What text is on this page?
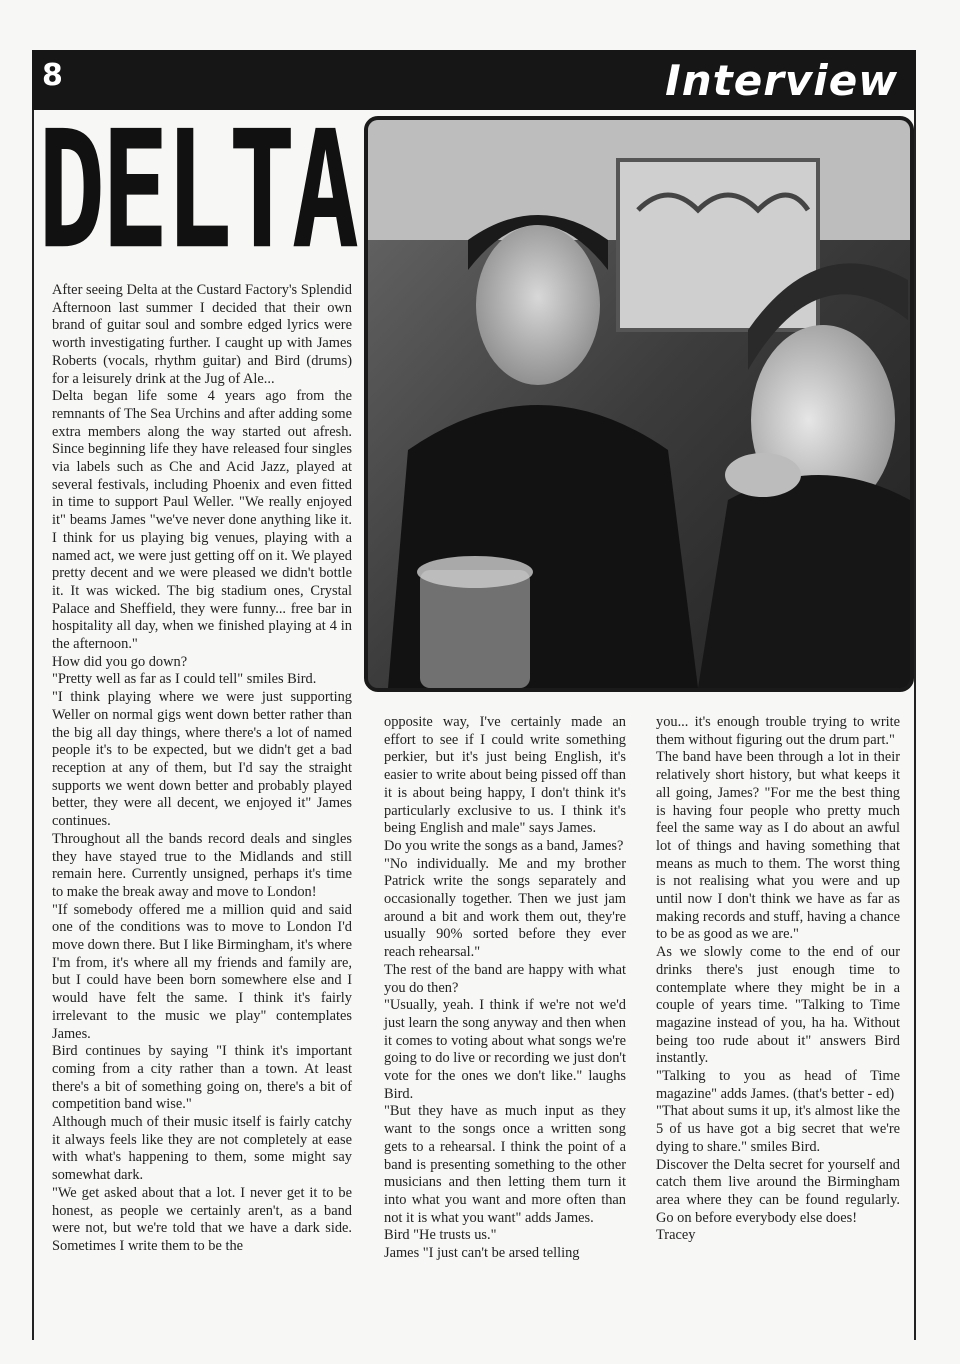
8	Interview
DELTA

After seeing Delta at the Custard Factory's Splendid Afternoon last summer I decided that their own brand of guitar soul and sombre edged lyrics were worth investigating further. I caught up with James Roberts (vocals, rhythm guitar) and Bird (drums) for a leisurely drink at the Jug of Ale...

Delta began life some 4 years ago from the remnants of The Sea Urchins and after adding some extra members along the way started out afresh. Since beginning life they have released four singles via labels such as Che and Acid Jazz, played at several festivals, including Phoenix and even fitted in time to support Paul Weller. "We really enjoyed it" beams James "we've never done anything like it. I think for us playing big venues, playing with a named act, we were just getting off on it. We played pretty decent and we were pleased we didn't bottle it. It was wicked. The big stadium ones, Crystal Palace and Sheffield, they were funny... free bar in hospitality all day, when we finished playing at 4 in the afternoon."

How did you go down?

"Pretty well as far as I could tell" smiles Bird.

"I think playing where we were just supporting Weller on normal gigs went down better rather than the big all day things, where there's a lot of named people it's to be expected, but we didn't get a bad reception at any of them, but I'd say the straight supports we went down better and probably played better, they were all decent, we enjoyed it" James continues.

Throughout all the bands record deals and singles they have stayed true to the Midlands and still remain here. Currently unsigned, perhaps it's time to make the break away and move to London!

"If somebody offered me a million quid and said one of the conditions was to move to London I'd move down there. But I like Birmingham, it's where I'm from, it's where all my friends and family are, but I could have been born somewhere else and I would have felt the same. I think it's fairly irrelevant to the music we play" contemplates James.

Bird continues by saying "I think it's important coming from a city rather than a town. At least there's a bit of something going on, there's a bit of competition band wise."

Although much of their music itself is fairly catchy it always feels like they are not completely at ease with what's happening to them, some might say somewhat dark.

"We get asked about that a lot. I never get it to be honest, as people we certainly aren't, as a band were not, but we're told that we have a dark side. Sometimes I write them to be the

opposite way, I've certainly made an effort to see if I could write something perkier, but it's just being English, it's easier to write about being pissed off than it is about being happy, I don't think it's particularly exclusive to us. I think it's being English and male" says James.

Do you write the songs as a band, James?

"No individually. Me and my brother Patrick write the songs separately and occasionally together. Then we just jam around a bit and work them out, they're usually 90% sorted before they ever reach rehearsal."

The rest of the band are happy with what you do then?

"Usually, yeah. I think if we're not we'd just learn the song anyway and then when it comes to voting about what songs we're going to do live or recording we just don't vote for the ones we don't like." laughs Bird.

"But they have as much input as they want to the songs once a written song gets to a rehearsal. I think the point of a band is presenting something to the other musicians and then letting them turn it into what you want and more often than not it is what you want" adds James.

Bird "He trusts us."

James "I just can't be arsed telling

you... it's enough trouble trying to write them without figuring out the drum part."

The band have been through a lot in their relatively short history, but what keeps it all going, James? "For me the best thing is having four people who pretty much feel the same way as I do about an awful lot of things and having something that means as much to them. The worst thing is not realising what you were and up until now I don't think we have as far as making records and stuff, having a chance to be as good as we are."

As we slowly come to the end of our drinks there's just enough time to contemplate where they might be in a couple of years time. "Talking to Time magazine instead of you, ha ha. Without being too rude about it" answers Bird instantly.

"Talking to you as head of Time magazine" adds James. (that's better - ed)

"That about sums it up, it's almost like the 5 of us have got a big secret that we're dying to share." smiles Bird.

Discover the Delta secret for yourself and catch them live around the Birmingham area where they can be found regularly. Go on before everybody else does!

Tracey
